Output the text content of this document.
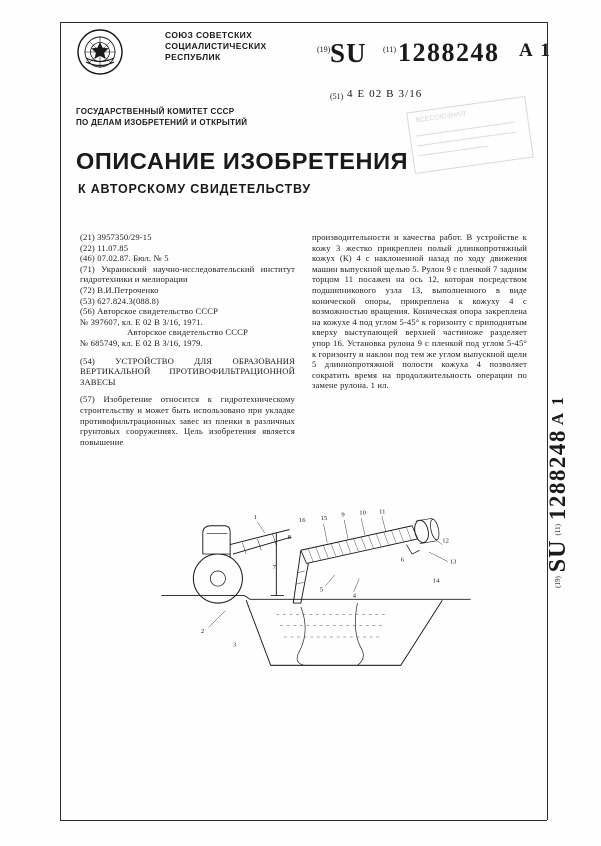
СОЮЗ СОВЕТСКИХ
СОЦИАЛИСТИЧЕСКИХ
РЕСПУБЛИК
(19) SU (11) 1288248 A 1
(51) 4 Е 02 В 3/16
ВСЕСОЮЗНАЯ
ГОСУДАРСТВЕННЫЙ КОМИТЕТ СССР
ПО ДЕЛАМ ИЗОБРЕТЕНИЙ И ОТКРЫТИЙ
ОПИСАНИЕ ИЗОБРЕТЕНИЯ
К АВТОРСКОМУ СВИДЕТЕЛЬСТВУ

(21) 3957350/29-15

(22) 11.07.85

(46) 07.02.87. Бюл. № 5

(71) Украинский научно-исследовательский институт гидротехники и мелиорации

(72) В.И.Петроченко

(53) 627.824.3(088.8)

(56) Авторское свидетельство СССР

№ 397607, кл. Е 02 В 3/16, 1971.

Авторское свидетельство СССР

№ 685749, кл. Е 02 В 3/16, 1979.

(54) УСТРОЙСТВО ДЛЯ ОБРАЗОВАНИЯ ВЕРТИКАЛЬНОЙ ПРОТИВОФИЛЬТРАЦИОННОЙ ЗАВЕСЫ

(57) Изобретение относится к гидротехническому строительству и может быть использовано при укладке противофильтрационных завес из пленки в различных грунтовых сооружениях. Цель изобретения является повышение

производительности и качества работ. В устройстве к кожу 3 жестко прикреплен полый длинкопротяжный кожух (К) 4 с наклоненной назад по ходу движения машин выпускной щелью 5. Рулон 9 с пленкой 7 задним торцом 11 посажен на ось 12, которая посредством подшипникового узла 13, выполненного в виде конической опоры, прикреплена к кожуху 4 с возможностью вращения. Коническая опора закреплена на кожухе 4 под углом 5-45° к горизонту с приподнятым кверху выступающей верхней частиноже разделяет упор 16. Установка рулона 9 с пленкой под углом 5-45° к горизонту и наклон под тем же углом выпускной щели 5 длиннопротяжной полости кожуха 4 позволяет сократить время на продолжительность операции по замене рулона. 1 ил.

(19) SU (11) 1288248 A 1
1	16 15
9 10 11
12
13
2
3
5
4
7
8
6
14
